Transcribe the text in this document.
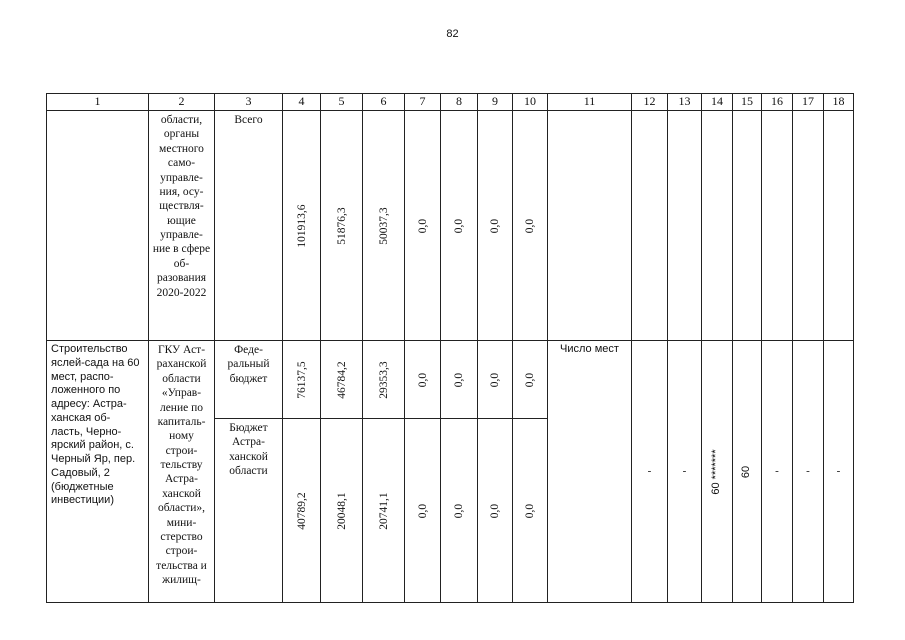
82
1	2	3	4	5	6	7	8	9	10	11	12	13	14	15	16	17	18
	области, органы местного само- управле- ния, осу- ществля- ющие управле- ние в сфере об- разования 2020-2022	Всего	101913,6	51876,3	50037,3	0,0	0,0	0,0	0,0								

Строительство яслей-сада на 60 мест, распо- ложенного по адресу: Астра- ханская об- ласть, Черно- ярский район, с. Черный Яр, пер. Садовый, 2 (бюджетные инвестиции)	ГКУ Аст- раханской области «Управ- ление по капиталь- ному строи- тельству Астра- ханской области», мини- стерство строи- тельства и жилищ-	Феде- ральный бюджет	76137,5	46784,2	29353,3	0,0	0,0	0,0	0,0	Число мест	-	-	60 *******	60	-	-	-

		Бюджет Астра- ханской области	40789,2	20048,1	20741,1	0,0	0,0	0,0	0,0								
